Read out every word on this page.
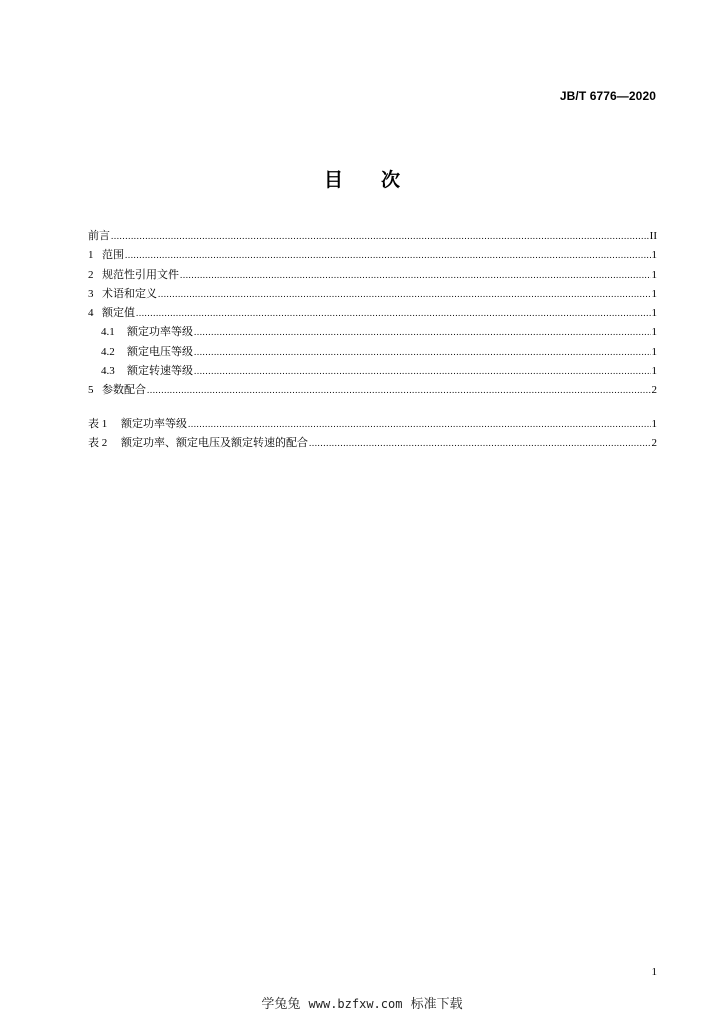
JB/T 6776—2020
目次
前言 .....	II
1 范围 .....	1
2 规范性引用文件 .....	1
3 术语和定义 .....	1
4 额定值 .....	1
4.1	额定功率等级 .....	1
4.2	额定电压等级 .....	1
4.3	额定转速等级 .....	1
5 参数配合 .....	2
表 1	额定功率等级 .....	1
表 2	额定功率、额定电压及额定转速的配合 .....	2
1
学兔兔 www.bzfxw.com 标准下载
